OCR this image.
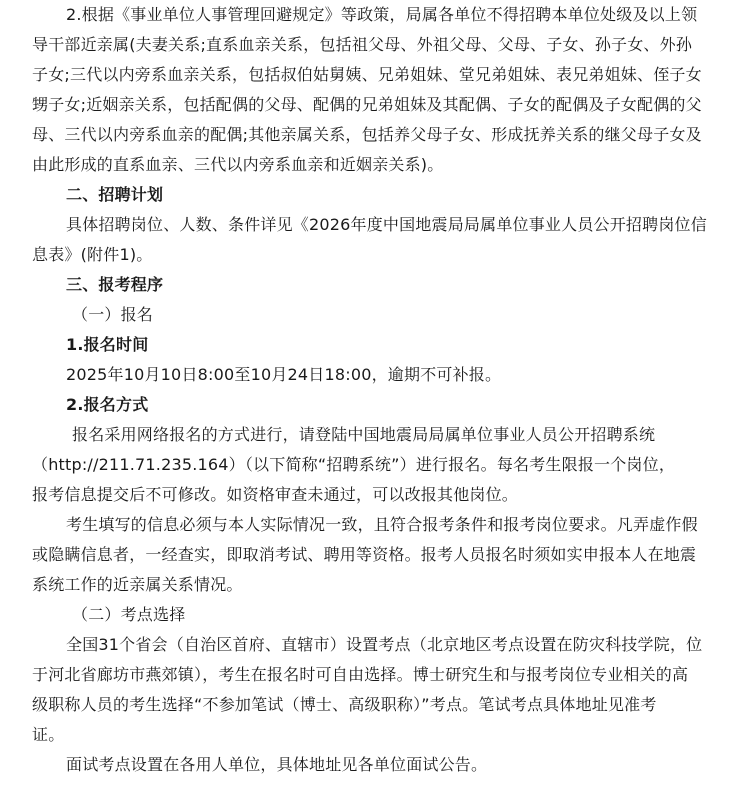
2.根据《事业单位人事管理回避规定》等政策，局属各单位不得招聘本单位处级及以上领
导干部近亲属(夫妻关系;直系血亲关系，包括祖父母、外祖父母、父母、子女、孙子女、外孙
子女;三代以内旁系血亲关系，包括叔伯姑舅姨、兄弟姐妹、堂兄弟姐妹、表兄弟姐妹、侄子女
甥子女;近姻亲关系，包括配偶的父母、配偶的兄弟姐妹及其配偶、子女的配偶及子女配偶的父
母、三代以内旁系血亲的配偶;其他亲属关系，包括养父母子女、形成抚养关系的继父母子女及
由此形成的直系血亲、三代以内旁系血亲和近姻亲关系)。
二、招聘计划
具体招聘岗位、人数、条件详见《2026年度中国地震局局属单位事业人员公开招聘岗位信
息表》(附件1)。
三、报考程序
（一）报名
1.报名时间
2025年10月10日8:00至10月24日18:00，逾期不可补报。
2.报名方式
报名采用网络报名的方式进行，请登陆中国地震局局属单位事业人员公开招聘系统
（http://211.71.235.164）（以下简称“招聘系统”）进行报名。每名考生限报一个岗位，
报考信息提交后不可修改。如资格审查未通过，可以改报其他岗位。
考生填写的信息必须与本人实际情况一致，且符合报考条件和报考岗位要求。凡弄虚作假
或隐瞒信息者，一经查实，即取消考试、聘用等资格。报考人员报名时须如实申报本人在地震
系统工作的近亲属关系情况。
（二）考点选择
全国31个省会（自治区首府、直辖市）设置考点（北京地区考点设置在防灾科技学院，位
于河北省廊坊市燕郊镇），考生在报名时可自由选择。博士研究生和与报考岗位专业相关的高
级职称人员的考生选择“不参加笔试（博士、高级职称）”考点。笔试考点具体地址见准考
证。
面试考点设置在各用人单位，具体地址见各单位面试公告。
